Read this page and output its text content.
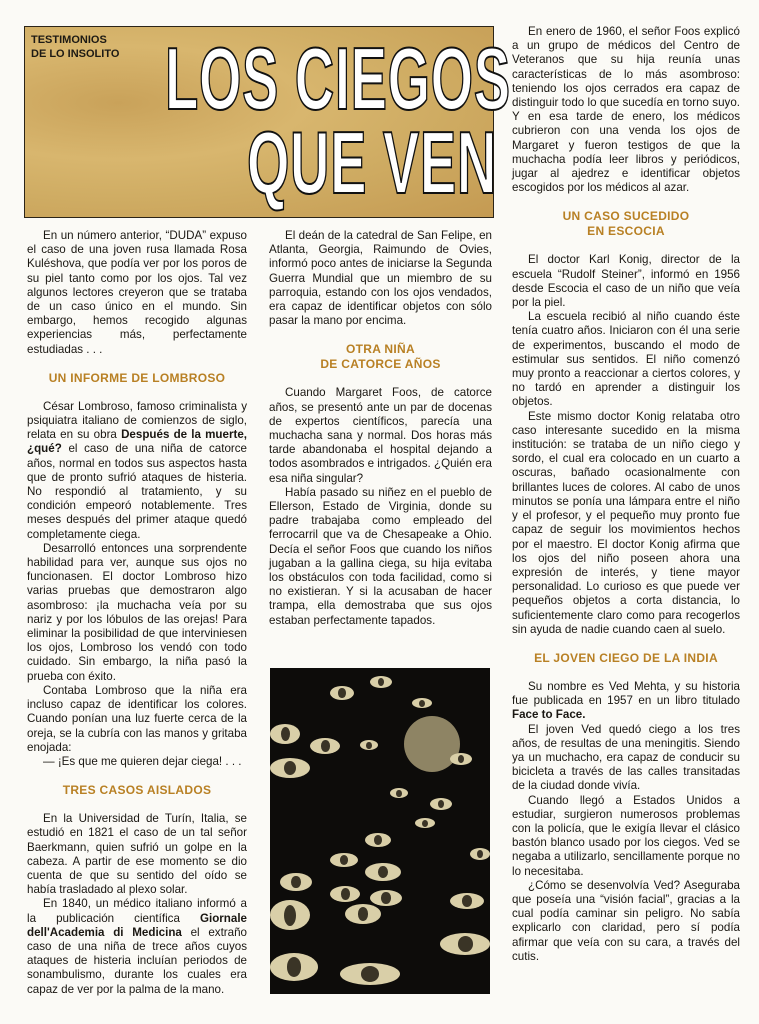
TESTIMONIOS
DE LO INSOLITO LOS CIEGOS
QUE VEN

En un número anterior, “DUDA” expuso el caso de una joven rusa llamada Rosa Kuléshova, que podía ver por los poros de su piel tanto como por los ojos. Tal vez algunos lectores creyeron que se trataba de un caso único en el mundo. Sin embargo, hemos recogido algunas experiencias más, perfectamente estudiadas . . .

UN INFORME DE LOMBROSO

César Lombroso, famoso criminalista y psiquiatra italiano de comienzos de siglo, relata en su obra Después de la muerte, ¿qué? el caso de una niña de catorce años, normal en todos sus aspectos hasta que de pronto sufrió ataques de histeria. No respondió al tratamiento, y su condición empeoró notablemente. Tres meses después del primer ataque quedó completamente ciega.

Desarrolló entonces una sorprendente habilidad para ver, aunque sus ojos no funcionasen. El doctor Lombroso hizo varias pruebas que demostraron algo asombroso: ¡la muchacha veía por su nariz y por los lóbulos de las orejas! Para eliminar la posibilidad de que interviniesen los ojos, Lombroso los vendó con todo cuidado. Sin embargo, la niña pasó la prueba con éxito.

Contaba Lombroso que la niña era incluso capaz de identificar los colores. Cuando ponían una luz fuerte cerca de la oreja, se la cubría con las manos y gritaba enojada:

— ¡Es que me quieren dejar ciega! . . .

TRES CASOS AISLADOS

En la Universidad de Turín, Italia, se estudió en 1821 el caso de un tal señor Baerkmann, quien sufrió un golpe en la cabeza. A partir de ese momento se dio cuenta de que su sentido del oído se había trasladado al plexo solar.

En 1840, un médico italiano informó a la publicación científica Giornale dell'Academia di Medicina el extraño caso de una niña de trece años cuyos ataques de histeria incluían periodos de sonambulismo, durante los cuales era capaz de ver por la palma de la mano.

El deán de la catedral de San Felipe, en Atlanta, Georgia, Raimundo de Ovies, informó poco antes de iniciarse la Segunda Guerra Mundial que un miembro de su parroquia, estando con los ojos vendados, era capaz de identificar objetos con sólo pasar la mano por encima.

OTRA NIÑA
DE CATORCE AÑOS

Cuando Margaret Foos, de catorce años, se presentó ante un par de docenas de expertos científicos, parecía una muchacha sana y normal. Dos horas más tarde abandonaba el hospital dejando a todos asombrados e intrigados. ¿Quién era esa niña singular?

Había pasado su niñez en el pueblo de Ellerson, Estado de Virginia, donde su padre trabajaba como empleado del ferrocarril que va de Chesapeake a Ohio. Decía el señor Foos que cuando los niños jugaban a la gallina ciega, su hija evitaba los obstáculos con toda facilidad, como si no existieran. Y si la acusaban de hacer trampa, ella demostraba que sus ojos estaban perfectamente tapados.

En enero de 1960, el señor Foos explicó a un grupo de médicos del Centro de Veteranos que su hija reunía unas características de lo más asombroso: teniendo los ojos cerrados era capaz de distinguir todo lo que sucedía en torno suyo. Y en esa tarde de enero, los médicos cubrieron con una venda los ojos de Margaret y fueron testigos de que la muchacha podía leer libros y periódicos, jugar al ajedrez e identificar objetos escogidos por los médicos al azar.

UN CASO SUCEDIDO
EN ESCOCIA

El doctor Karl Konig, director de la escuela “Rudolf Steiner”, informó en 1956 desde Escocia el caso de un niño que veía por la piel.

La escuela recibió al niño cuando éste tenía cuatro años. Iniciaron con él una serie de experimentos, buscando el modo de estimular sus sentidos. El niño comenzó muy pronto a reaccionar a ciertos colores, y no tardó en aprender a distinguir los objetos.

Este mismo doctor Konig relataba otro caso interesante sucedido en la misma institución: se trataba de un niño ciego y sordo, el cual era colocado en un cuarto a oscuras, bañado ocasionalmente con brillantes luces de colores. Al cabo de unos minutos se ponía una lámpara entre el niño y el profesor, y el pequeño muy pronto fue capaz de seguir los movimientos hechos por el maestro. El doctor Konig afirma que los ojos del niño poseen ahora una expresión de interés, y tiene mayor personalidad. Lo curioso es que puede ver pequeños objetos a corta distancia, lo suficientemente claro como para recogerlos sin ayuda de nadie cuando caen al suelo.

EL JOVEN CIEGO DE LA INDIA

Su nombre es Ved Mehta, y su historia fue publicada en 1957 en un libro titulado Face to Face.

El joven Ved quedó ciego a los tres años, de resultas de una meningitis. Siendo ya un muchacho, era capaz de conducir su bicicleta a través de las calles transitadas de la ciudad donde vivía.

Cuando llegó a Estados Unidos a estudiar, surgieron numerosos problemas con la policía, que le exigía llevar el clásico bastón blanco usado por los ciegos. Ved se negaba a utilizarlo, sencillamente porque no lo necesitaba.

¿Cómo se desenvolvía Ved? Aseguraba que poseía una “visión facial”, gracias a la cual podía caminar sin peligro. No sabía explicarlo con claridad, pero sí podía afirmar que veía con su cara, a través del cutis.
